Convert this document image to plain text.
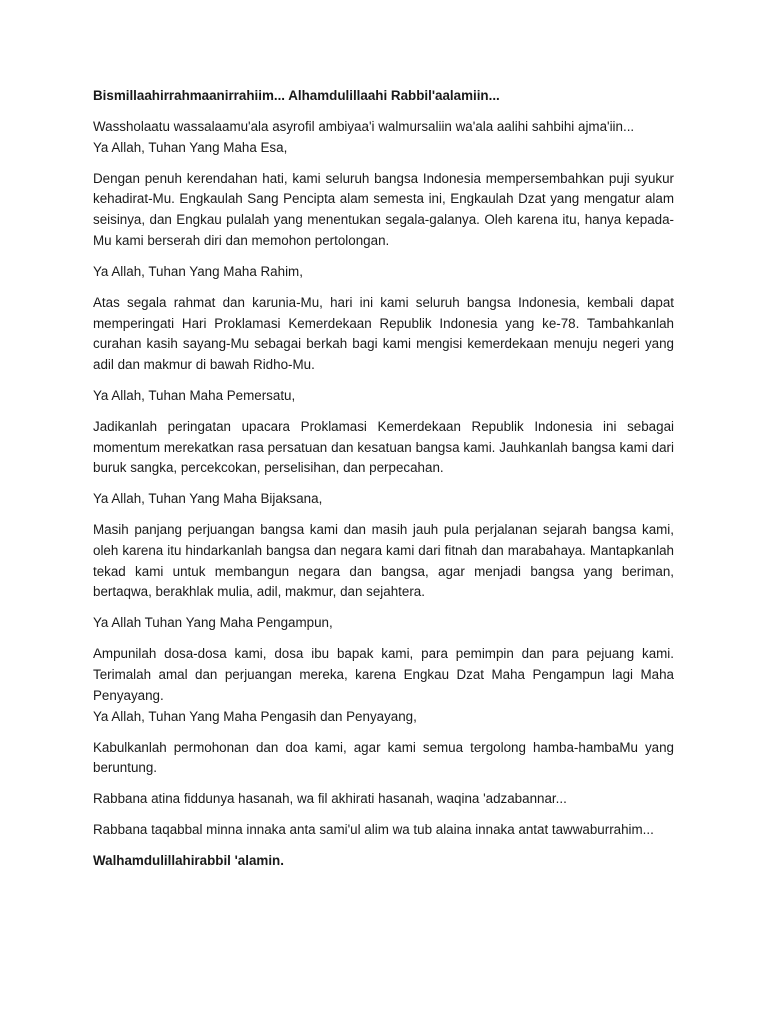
Bismillaahirrahmaanirrahiim... Alhamdulillaahi Rabbil'aalamiin...

Wassholaatu wassalaamu'ala asyrofil ambiyaa'i walmursaliin wa'ala aalihi sahbihi ajma'iin...

Ya Allah, Tuhan Yang Maha Esa,

Dengan penuh kerendahan hati, kami seluruh bangsa Indonesia mempersembahkan puji syukur kehadirat-Mu. Engkaulah Sang Pencipta alam semesta ini, Engkaulah Dzat yang mengatur alam seisinya, dan Engkau pulalah yang menentukan segala-galanya. Oleh karena itu, hanya kepada-Mu kami berserah diri dan memohon pertolongan.

Ya Allah, Tuhan Yang Maha Rahim,

Atas segala rahmat dan karunia-Mu, hari ini kami seluruh bangsa Indonesia, kembali dapat memperingati Hari Proklamasi Kemerdekaan Republik Indonesia yang ke-78. Tambahkanlah curahan kasih sayang-Mu sebagai berkah bagi kami mengisi kemerdekaan menuju negeri yang adil dan makmur di bawah Ridho-Mu.

Ya Allah, Tuhan Maha Pemersatu,

Jadikanlah peringatan upacara Proklamasi Kemerdekaan Republik Indonesia ini sebagai momentum merekatkan rasa persatuan dan kesatuan bangsa kami. Jauhkanlah bangsa kami dari buruk sangka, percekcokan, perselisihan, dan perpecahan.

Ya Allah, Tuhan Yang Maha Bijaksana,

Masih panjang perjuangan bangsa kami dan masih jauh pula perjalanan sejarah bangsa kami, oleh karena itu hindarkanlah bangsa dan negara kami dari fitnah dan marabahaya. Mantapkanlah tekad kami untuk membangun negara dan bangsa, agar menjadi bangsa yang beriman, bertaqwa, berakhlak mulia, adil, makmur, dan sejahtera.

Ya Allah Tuhan Yang Maha Pengampun,

Ampunilah dosa-dosa kami, dosa ibu bapak kami, para pemimpin dan para pejuang kami. Terimalah amal dan perjuangan mereka, karena Engkau Dzat Maha Pengampun lagi Maha Penyayang.

Ya Allah, Tuhan Yang Maha Pengasih dan Penyayang,

Kabulkanlah permohonan dan doa kami, agar kami semua tergolong hamba-hambaMu yang beruntung.

Rabbana atina fiddunya hasanah, wa fil akhirati hasanah, waqina 'adzabannar...

Rabbana taqabbal minna innaka anta sami'ul alim wa tub alaina innaka antat tawwaburrahim...

Walhamdulillahirabbil 'alamin.
